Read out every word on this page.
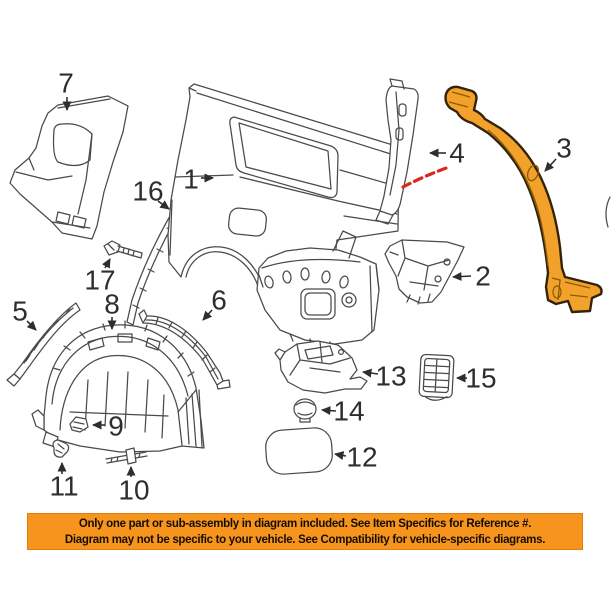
1
2
3
4
5	6
7
8
9
10
11
12
13
14
15
16
17
Only one part or sub-assembly in diagram included. See Item Specifics for Reference #.
Diagram may not be specific to your vehicle. See Compatibility for vehicle-specific diagrams.
